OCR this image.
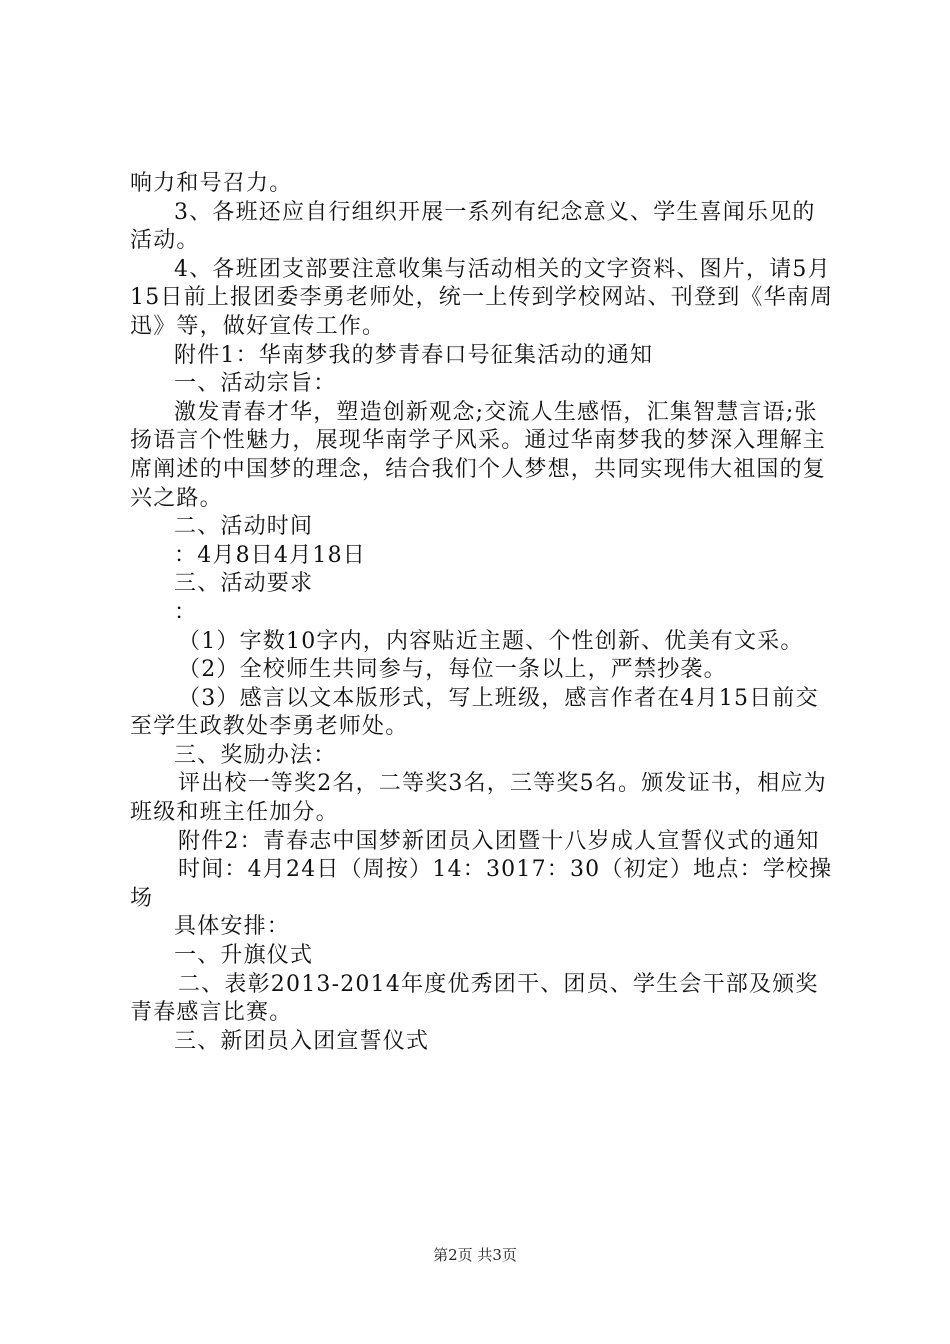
响力和号召力。

3、各班还应自行组织开展一系列有纪念意义、学生喜闻乐见的活动。

4、各班团支部要注意收集与活动相关的文字资料、图片，请5月15日前上报团委李勇老师处，统一上传到学校网站、刊登到《华南周迅》等，做好宣传工作。

附件1：华南梦我的梦青春口号征集活动的通知

一、活动宗旨：

激发青春才华，塑造创新观念;交流人生感悟，汇集智慧言语;张扬语言个性魅力，展现华南学子风采。通过华南梦我的梦深入理解主席阐述的中国梦的理念，结合我们个人梦想，共同实现伟大祖国的复兴之路。

二、活动时间

：4月8日4月18日

三、活动要求

：

（1）字数10字内，内容贴近主题、个性创新、优美有文采。

（2）全校师生共同参与，每位一条以上，严禁抄袭。

（3）感言以文本版形式，写上班级，感言作者在4月15日前交至学生政教处李勇老师处。

三、奖励办法：

评出校一等奖2名，二等奖3名，三等奖5名。颁发证书，相应为班级和班主任加分。

附件2：青春志中国梦新团员入团暨十八岁成人宣誓仪式的通知

时间：4月24日（周按）14：3017：30（初定）地点：学校操场

具体安排：

一、升旗仪式

二、表彰2013-2014年度优秀团干、团员、学生会干部及颁奖青春感言比赛。

三、新团员入团宣誓仪式

第2页 共3页
